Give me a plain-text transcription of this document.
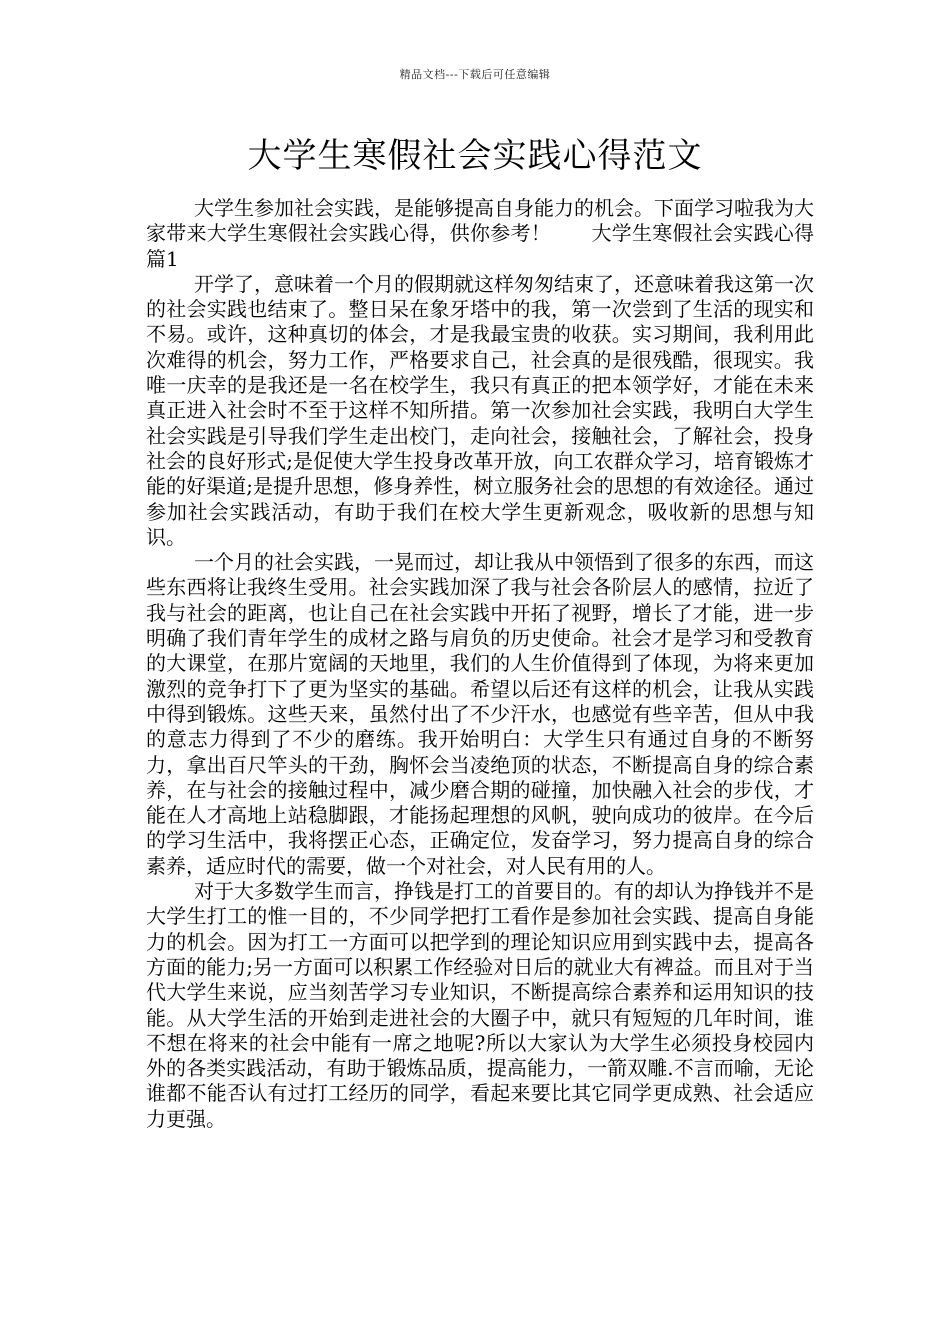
精品文档---下载后可任意编辑
大学生寒假社会实践心得范文

大学生参加社会实践，是能够提高自身能力的机会。下面学习啦我为大家带来大学生寒假社会实践心得，供你参考！　　大学生寒假社会实践心得篇1

开学了，意味着一个月的假期就这样匆匆结束了，还意味着我这第一次的社会实践也结束了。整日呆在象牙塔中的我，第一次尝到了生活的现实和不易。或许，这种真切的体会，才是我最宝贵的收获。实习期间，我利用此次难得的机会，努力工作，严格要求自己，社会真的是很残酷，很现实。我唯一庆幸的是我还是一名在校学生，我只有真正的把本领学好，才能在未来真正进入社会时不至于这样不知所措。第一次参加社会实践，我明白大学生社会实践是引导我们学生走出校门，走向社会，接触社会，了解社会，投身社会的良好形式;是促使大学生投身改革开放，向工农群众学习，培育锻炼才能的好渠道;是提升思想，修身养性，树立服务社会的思想的有效途径。通过参加社会实践活动，有助于我们在校大学生更新观念，吸收新的思想与知识。

一个月的社会实践，一晃而过，却让我从中领悟到了很多的东西，而这些东西将让我终生受用。社会实践加深了我与社会各阶层人的感情，拉近了我与社会的距离，也让自己在社会实践中开拓了视野，增长了才能，进一步明确了我们青年学生的成材之路与肩负的历史使命。社会才是学习和受教育的大课堂，在那片宽阔的天地里，我们的人生价值得到了体现，为将来更加激烈的竞争打下了更为坚实的基础。希望以后还有这样的机会，让我从实践中得到锻炼。这些天来，虽然付出了不少汗水，也感觉有些辛苦，但从中我的意志力得到了不少的磨练。我开始明白：大学生只有通过自身的不断努力，拿出百尺竿头的干劲，胸怀会当凌绝顶的状态，不断提高自身的综合素养，在与社会的接触过程中，减少磨合期的碰撞，加快融入社会的步伐，才能在人才高地上站稳脚跟，才能扬起理想的风帆，驶向成功的彼岸。在今后的学习生活中，我将摆正心态，正确定位，发奋学习，努力提高自身的综合素养，适应时代的需要，做一个对社会，对人民有用的人。

对于大多数学生而言，挣钱是打工的首要目的。有的却认为挣钱并不是大学生打工的惟一目的，不少同学把打工看作是参加社会实践、提高自身能力的机会。因为打工一方面可以把学到的理论知识应用到实践中去，提高各方面的能力;另一方面可以积累工作经验对日后的就业大有裨益。而且对于当代大学生来说，应当刻苦学习专业知识，不断提高综合素养和运用知识的技能。从大学生活的开始到走进社会的大圈子中，就只有短短的几年时间，谁不想在将来的社会中能有一席之地呢?所以大家认为大学生必须投身校园内外的各类实践活动，有助于锻炼品质，提高能力，一箭双雕.不言而喻，无论谁都不能否认有过打工经历的同学，看起来要比其它同学更成熟、社会适应力更强。
